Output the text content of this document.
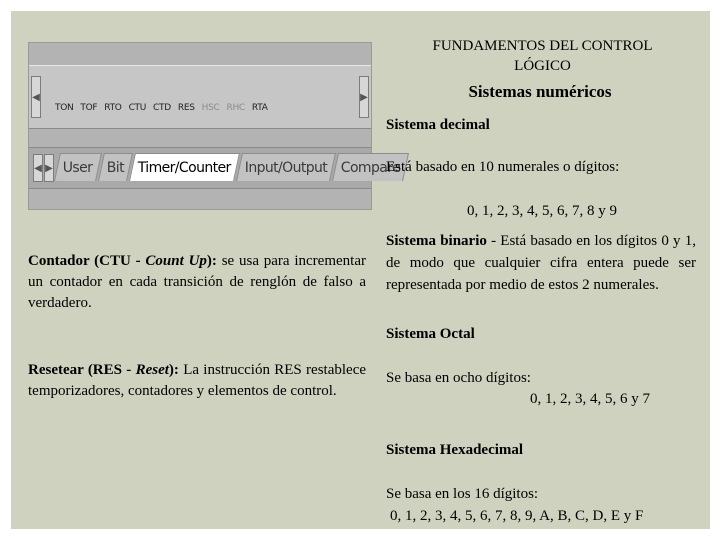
◀
TON TOF RTO CTU CTD RES HSC RHC RTA
▶
◀ ▶ User	Bit	Timer/Counter	Input/Output	Compare
FUNDAMENTOS DEL CONTROL
LÓGICO
Sistemas numéricos
Sistema decimal
Está basado en 10 numerales o dígitos:
0, 1, 2, 3, 4, 5, 6, 7, 8 y 9
Sistema binario - Está basado en los dígitos 0 y 1, de modo que cualquier cifra entera puede ser representada por medio de estos 2 numerales.
Sistema Octal
Se basa en ocho dígitos:
0, 1, 2, 3, 4, 5, 6 y 7
Sistema Hexadecimal
Se basa en los 16 dígitos:
0, 1, 2, 3, 4, 5, 6, 7, 8, 9, A, B, C, D, E y F
Contador (CTU - Count Up): se usa para incrementar un contador en cada transición de renglón de falso a verdadero.
Resetear (RES - Reset): La instrucción RES restablece temporizadores, contadores y elementos de control.
